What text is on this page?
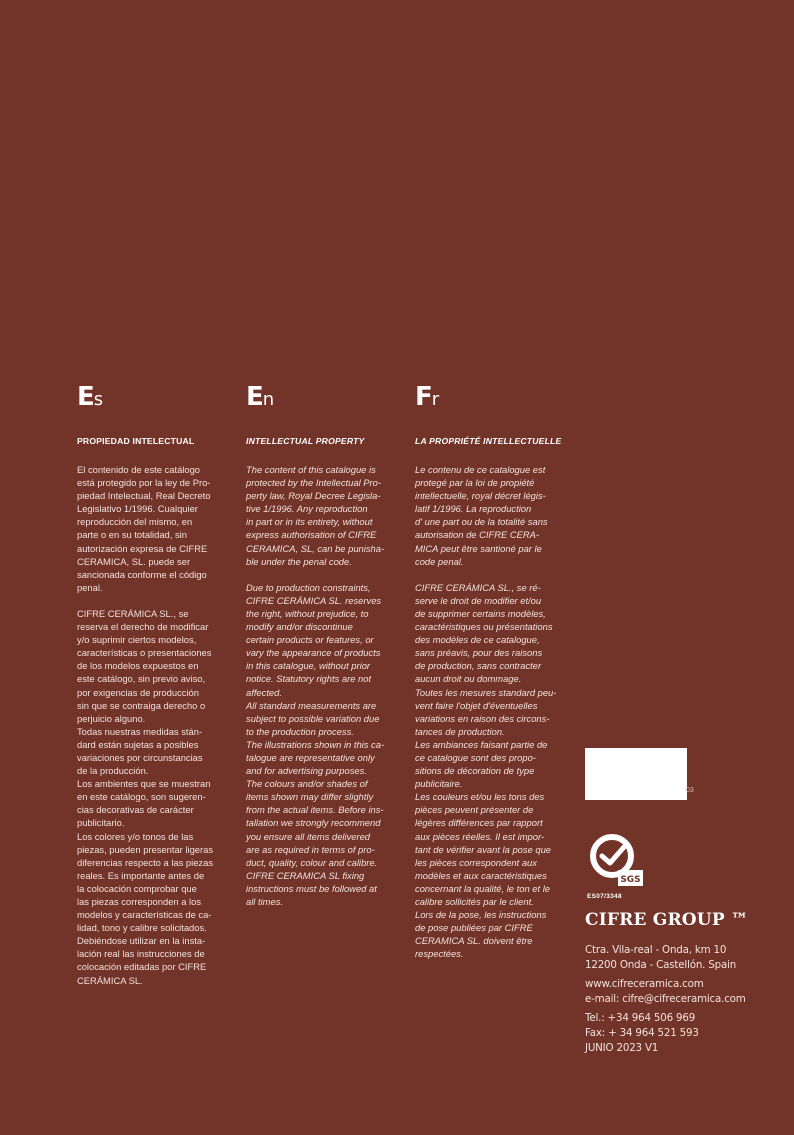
Es
PROPIEDAD INTELECTUAL

El contenido de este catálogo
está protegido por la ley de Pro-
piedad Intelectual, Real Decreto
Legislativo 1/1996. Cualquier
reproducción del mismo, en
parte o en su totalidad, sin
autorización expresa de CIFRE
CERAMICA, SL. puede ser
sancionada conforme el código
penal.

CIFRE CERÁMICA SL., se
reserva el derecho de modificar
y/o suprimir ciertos modelos,
características o presentaciones
de los modelos expuestos en
este catálogo, sin previo aviso,
por exigencias de producción
sin que se contraiga derecho o
perjuicio alguno.
Todas nuestras medidas stán-
dard están sujetas a posibles
variaciones por circunstancias
de la producción.
Los ambientes que se muestran
en este catálogo, son sugeren-
cias decorativas de carácter
publicitario.
Los colores y/o tonos de las
piezas, pueden presentar ligeras
diferencias respecto a las piezas
reales. Es importante antes de
la colocación comprobar que
las piezas corresponden a los
modelos y características de ca-
lidad, tono y calibre solicitados.
Debiéndose utilizar en la insta-
lación real las instrucciones de
colocación editadas por CIFRE
CERÁMICA SL.

En
INTELLECTUAL PROPERTY

The content of this catalogue is
protected by the Intellectual Pro-
perty law, Royal Decree Legisla-
tive 1/1996. Any reproduction
in part or in its entirety, without
express authorisation of CIFRE
CERAMICA, SL, can be punisha-
ble under the penal code.

Due to production constraints,
CIFRE CERÁMICA SL. reserves
the right, without prejudice, to
modify and/or discontinue
certain products or features, or
vary the appearance of products
in this catalogue, without prior
notice. Statutory rights are not
affected.
All standard measurements are
subject to possible variation due
to the production process.
The illustrations shown in this ca-
talogue are representative only
and for advertising purposes.
The colours and/or shades of
items shown may differ slightly
from the actual items. Before ins-
tallation we strongly recommend
you ensure all items delivered
are as required in terms of pro-
duct, quality, colour and calibre.
CIFRE CERAMICA SL fixing
instructions must be followed at
all times.

Fr
LA PROPRIÉTÉ INTELLECTUELLE

Le contenu de ce catalogue est
protegé par la loi de propiété
intellectuelle, royal décret légis-
latif 1/1996. La reproduction
d' une part ou de la totalité sans
autorisation de CIFRE CERA-
MICA peut être santioné par le
code penal.

CIFRE CERÁMICA SL., se ré-
serve le droit de modifier et/ou
de supprimer certains modèles,
caractéristiques ou présentations
des modèles de ce catalogue,
sans préavis, pour des raisons
de production, sans contracter
aucun droit ou dommage.
Toutes les mesures standard peu-
vent faire l'objet d'éventuelles
variations en raison des circons-
tances de production.
Les ambiances faisant partie de
ce catalogue sont des propo-
sitions de décoration de type
publicitaire.
Les couleurs et/ou les tons des
pièces peuvent présenter de
légères différences par rapport
aux pièces réelles. Il est impor-
tant de vérifier avant la pose que
les pièces correspondent aux
modèles et aux caractéristiques
concernant la qualité, le ton et le
calibre sollicités par le client.
Lors de la pose, les instructions
de pose publiées par CIFRE
CERAMICA SL. doivent être
respectées.

03
SGS
ES07/3348
CIFRE GROUP ™
Ctra. Vila-real - Onda, km 10
12200 Onda - Castellón. Spain
www.cifreceramica.com
e-mail: cifre@cifreceramica.com
Tel.: +34 964 506 969
Fax: + 34 964 521 593
JUNIO 2023 V1
